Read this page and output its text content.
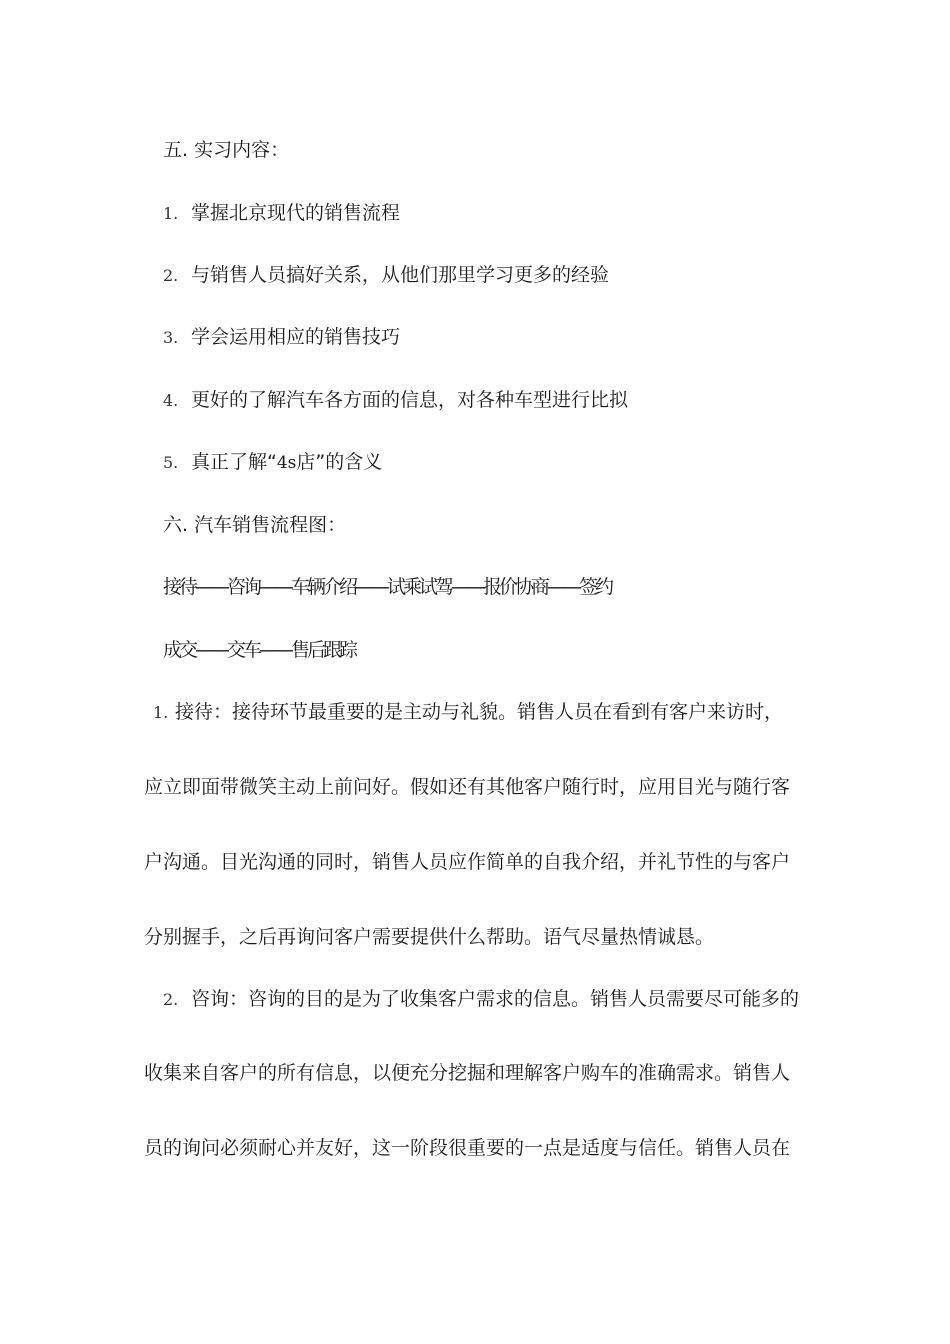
五. 实习内容：
1. 掌握北京现代的销售流程
2. 与销售人员搞好关系，从他们那里学习更多的经验
3. 学会运用相应的销售技巧
4. 更好的了解汽车各方面的信息，对各种车型进行比拟
5. 真正了解“4s店”的含义
六. 汽车销售流程图：
接待——咨询——车辆介绍——试乘试驾——报价协商——签约
成交——交车——售后跟踪
1. 接待：接待环节最重要的是主动与礼貌。销售人员在看到有客户来访时，
应立即面带微笑主动上前问好。假如还有其他客户随行时，应用目光与随行客
户沟通。目光沟通的同时，销售人员应作简单的自我介绍，并礼节性的与客户
分别握手，之后再询问客户需要提供什么帮助。语气尽量热情诚恳。
2. 咨询：咨询的目的是为了收集客户需求的信息。销售人员需要尽可能多的
收集来自客户的所有信息，以便充分挖掘和理解客户购车的准确需求。销售人
员的询问必须耐心并友好，这一阶段很重要的一点是适度与信任。销售人员在
